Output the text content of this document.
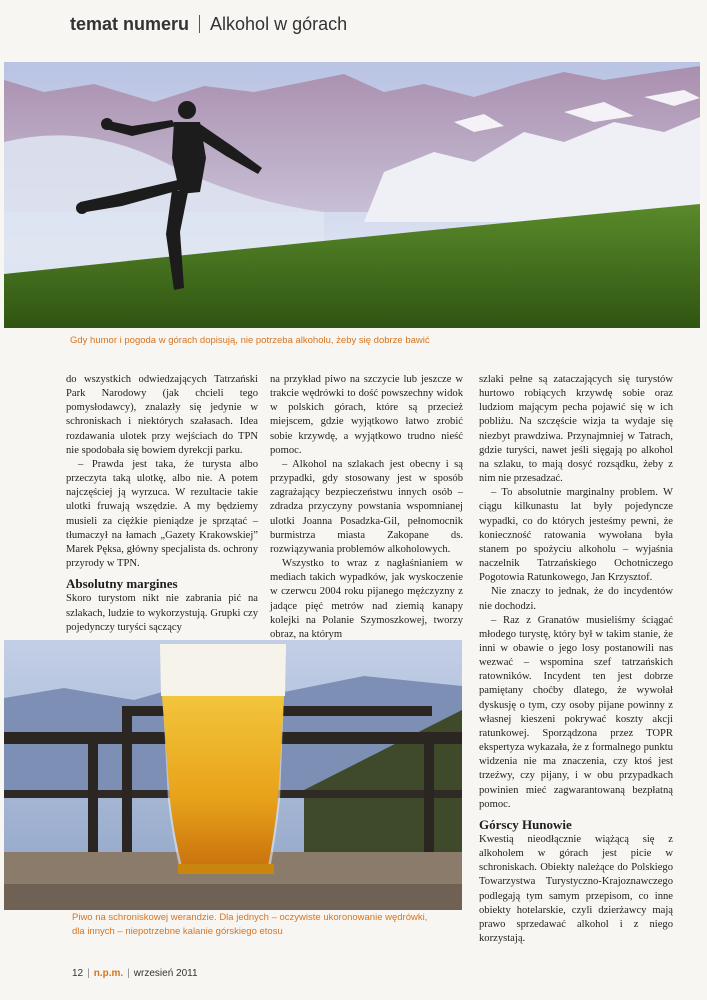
temat numeru Alkohol w górach
Gdy humor i pogoda w górach dopisują, nie potrzeba alkoholu, żeby się dobrze bawić

do wszystkich odwiedzających Tatrzański Park Narodowy (jak chcieli tego pomysłodawcy), znalazły się jedynie w schroniskach i niektórych szałasach. Idea rozdawania ulotek przy wejściach do TPN nie spodobała się bowiem dyrekcji parku.

– Prawda jest taka, że turysta albo przeczyta taką ulotkę, albo nie. A potem najczęściej ją wyrzuca. W rezultacie takie ulotki fruwają wszędzie. A my będziemy musieli za ciężkie pieniądze je sprzątać – tłumaczył na łamach „Gazety Krakowskiej” Marek Pęksa, główny specjalista ds. ochrony przyrody w TPN.

Absolutny margines

Skoro turystom nikt nie zabrania pić na szlakach, ludzie to wykorzystują. Grupki czy pojedynczy turyści sączący

na przykład piwo na szczycie lub jeszcze w trakcie wędrówki to dość powszechny widok w polskich górach, które są przecież miejscem, gdzie wyjątkowo łatwo zrobić sobie krzywdę, a wyjątkowo trudno nieść pomoc.

– Alkohol na szlakach jest obecny i są przypadki, gdy stosowany jest w sposób zagrażający bezpieczeństwu innych osób – zdradza przyczyny powstania wspomnianej ulotki Joanna Posadzka-Gil, pełnomocnik burmistrza miasta Zakopane ds. rozwiązywania problemów alkoholowych.

Wszystko to wraz z nagłaśnianiem w mediach takich wypadków, jak wyskoczenie w czerwcu 2004 roku pijanego mężczyzny z jadące pięć metrów nad ziemią kanapy kolejki na Polanie Szymoszkowej, tworzy obraz, na którym

szlaki pełne są zataczających się turystów hurtowo robiących krzywdę sobie oraz ludziom mającym pecha pojawić się w ich pobliżu. Na szczęście wizja ta wydaje się niezbyt prawdziwa. Przynajmniej w Tatrach, gdzie turyści, nawet jeśli sięgają po alkohol na szlaku, to mają dosyć rozsądku, żeby z nim nie przesadzać.

– To absolutnie marginalny problem. W ciągu kilkunastu lat były pojedyncze wypadki, co do których jesteśmy pewni, że konieczność ratowania wywołana była stanem po spożyciu alkoholu – wyjaśnia naczelnik Tatrzańskiego Ochotniczego Pogotowia Ratunkowego, Jan Krzysztof.

Nie znaczy to jednak, że do incydentów nie dochodzi.

– Raz z Granatów musieliśmy ściągać młodego turystę, który był w takim stanie, że inni w obawie o jego losy postanowili nas wezwać – wspomina szef tatrzańskich ratowników. Incydent ten jest dobrze pamiętany choćby dlatego, że wywołał dyskusję o tym, czy osoby pijane powinny z własnej kieszeni pokrywać koszty akcji ratunkowej. Sporządzona przez TOPR ekspertyza wykazała, że z formalnego punktu widzenia nie ma znaczenia, czy ktoś jest trzeźwy, czy pijany, i w obu przypadkach powinien mieć zagwarantowaną bezpłatną pomoc.

Górscy Hunowie

Kwestią nieodłącznie wiążącą się z alkoholem w górach jest picie w schroniskach. Obiekty należące do Polskiego Towarzystwa Turystyczno-Krajoznawczego podlegają tym samym przepisom, co inne obiekty hotelarskie, czyli dzierżawcy mają prawo sprzedawać alkohol i z niego korzystają.

Piwo na schroniskowej werandzie. Dla jednych – oczywiste ukoronowanie wędrówki,
dla innych – niepotrzebne kalanie górskiego etosu
12 | n.p.m. | wrzesień 2011
